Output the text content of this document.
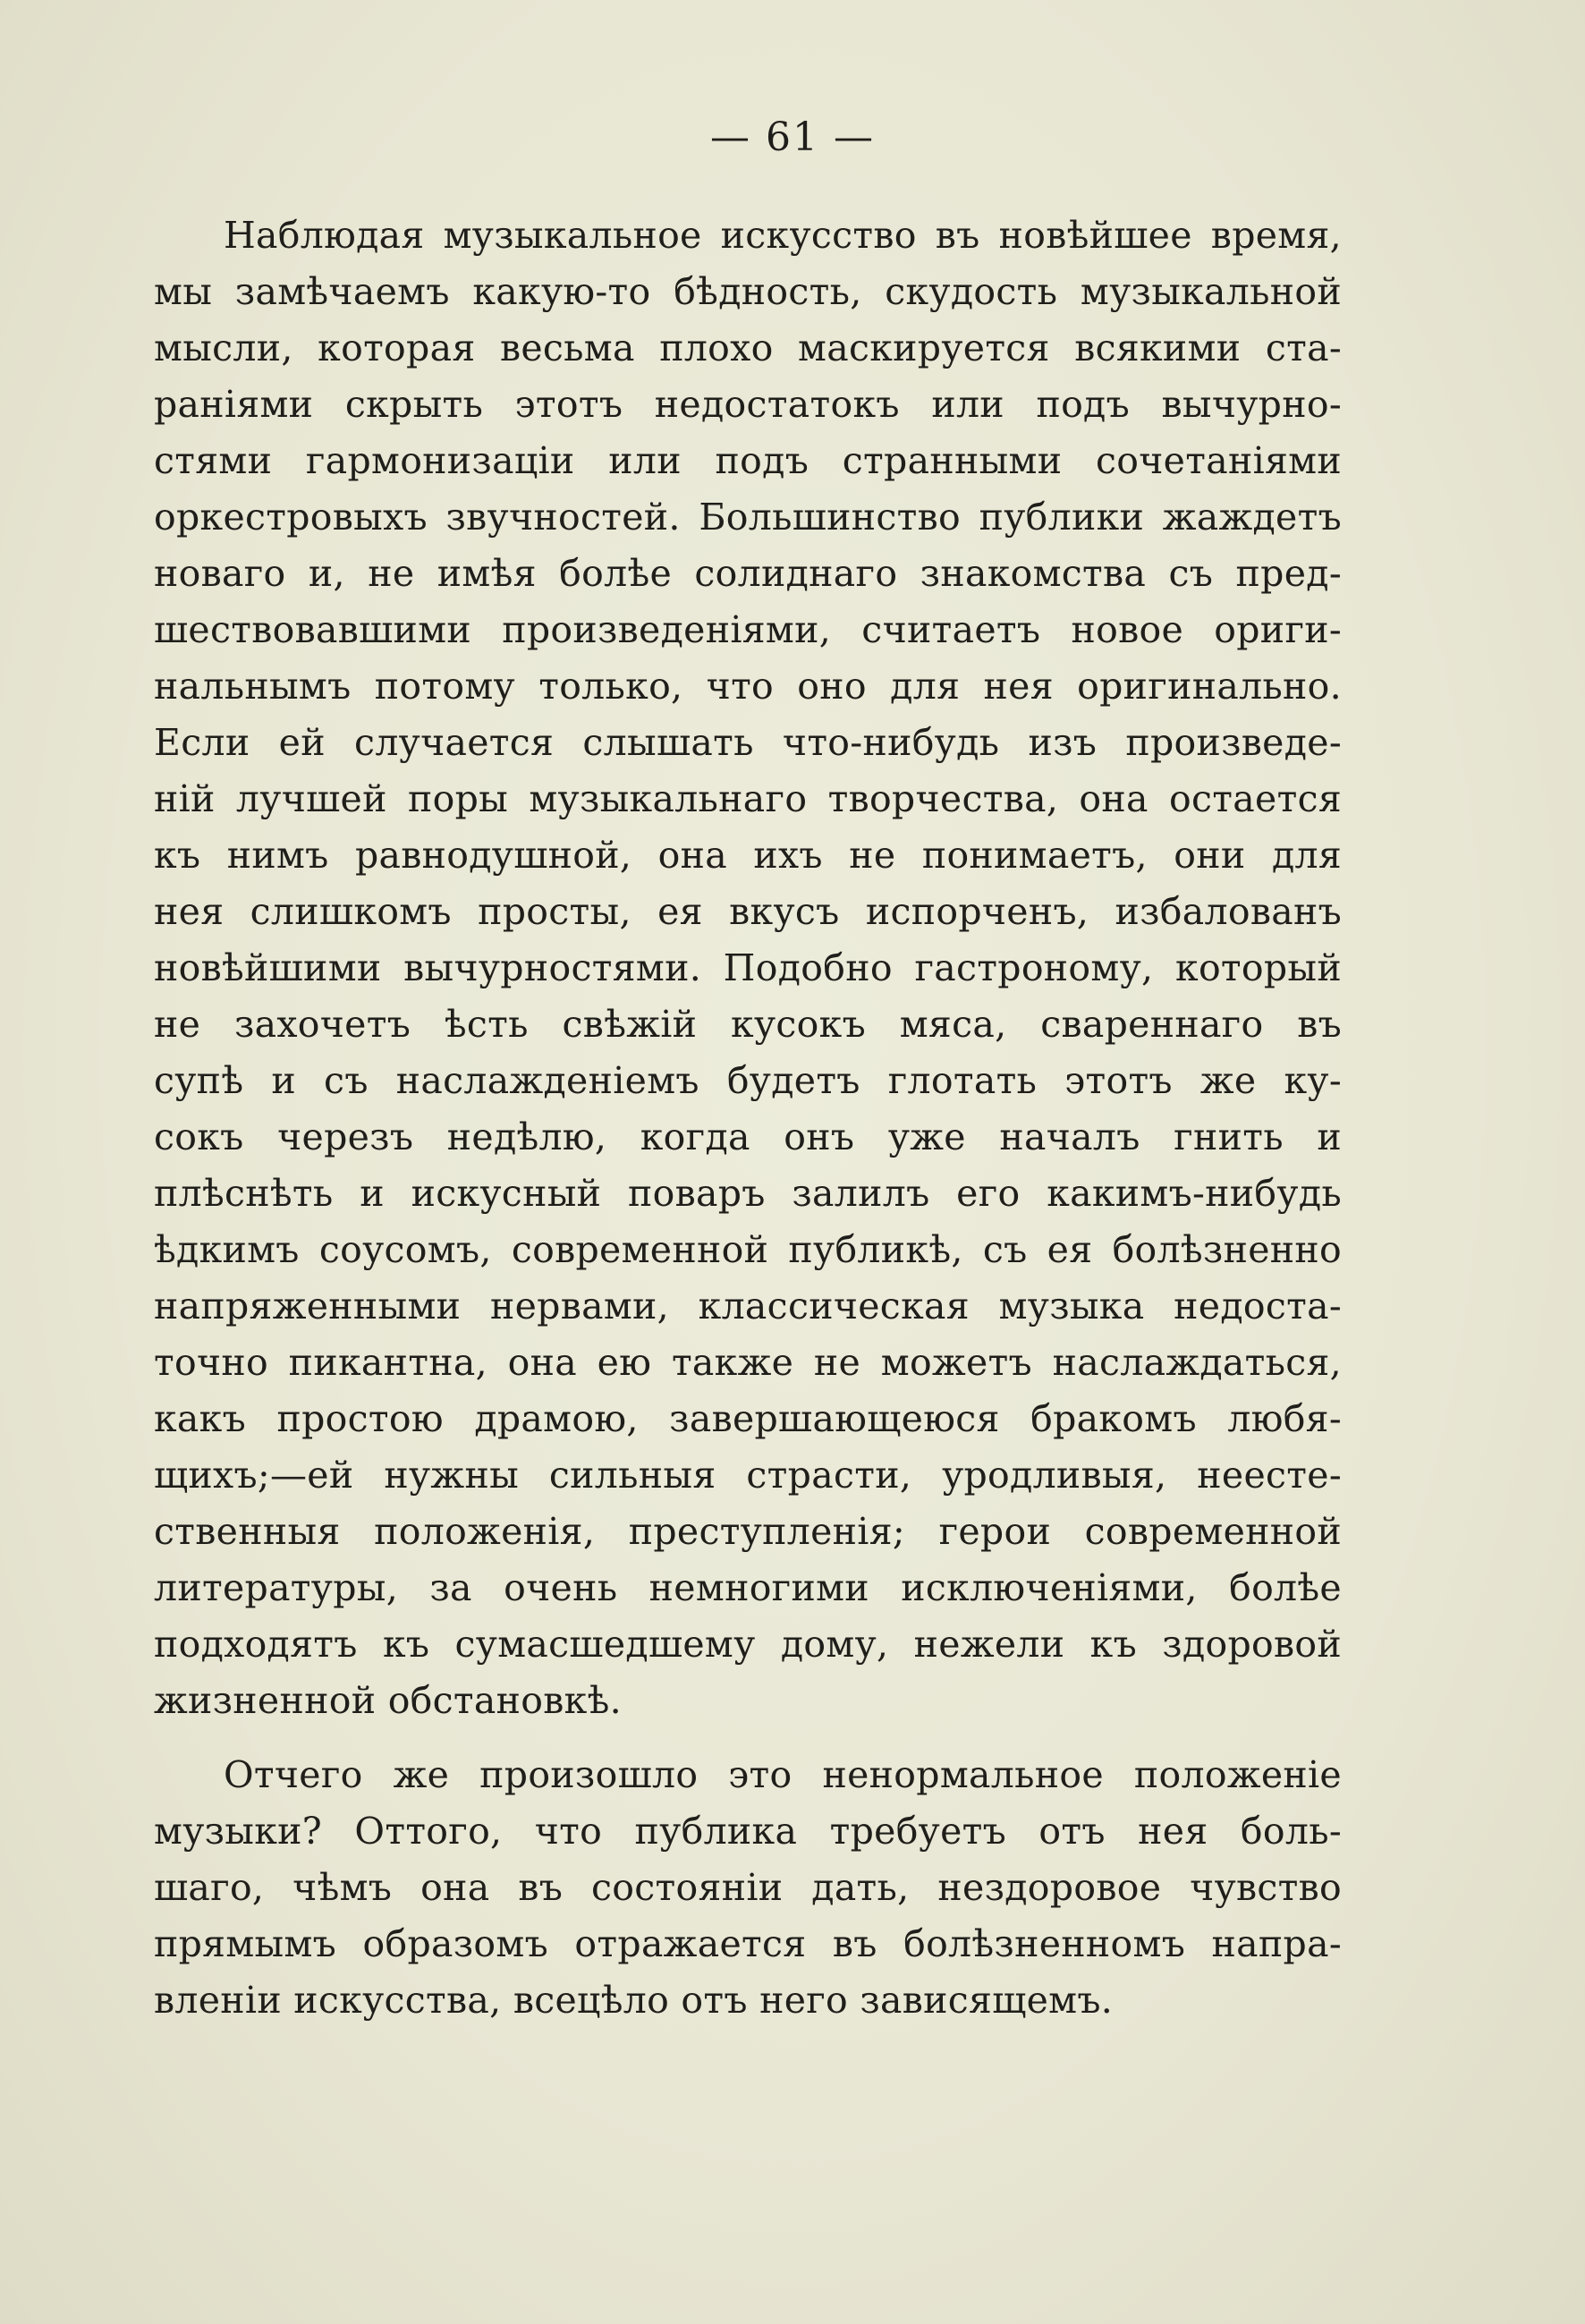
— 61 —
Наблюдая музыкальное искусство въ новѣйшее время,
мы замѣчаемъ какую-то бѣдность, скудость музыкальной
мысли, которая весьма плохо маскируется всякими ста-
раніями скрыть этотъ недостатокъ или подъ вычурно-
стями гармонизаціи или подъ странными сочетаніями
оркестровыхъ звучностей. Большинство публики жаждетъ
новаго и, не имѣя болѣе солиднаго знакомства съ пред-
шествовавшими произведеніями, считаетъ новое ориги-
нальнымъ потому только, что оно для нея оригинально.
Если ей случается слышать что-нибудь изъ произведе-
ній лучшей поры музыкальнаго творчества, она остается
къ нимъ равнодушной, она ихъ не понимаетъ, они для
нея слишкомъ просты, ея вкусъ испорченъ, избалованъ
новѣйшими вычурностями. Подобно гастроному, который
не захочетъ ѣсть свѣжій кусокъ мяса, свареннаго въ
супѣ и съ наслажденіемъ будетъ глотать этотъ же ку-
сокъ черезъ недѣлю, когда онъ уже началъ гнить и
плѣснѣть и искусный поваръ залилъ его какимъ-нибудь
ѣдкимъ соусомъ, современной публикѣ, съ ея болѣзненно
напряженными нервами, классическая музыка недоста-
точно пикантна, она ею также не можетъ наслаждаться,
какъ простою драмою, завершающеюся бракомъ любя-
щихъ;—ей нужны сильныя страсти, уродливыя, неесте-
ственныя положенія, преступленія; герои современной
литературы, за очень немногими исключеніями, болѣе
подходятъ къ сумасшедшему дому, нежели къ здоровой
жизненной обстановкѣ.
Отчего же произошло это ненормальное положеніе
музыки? Оттого, что публика требуетъ отъ нея боль-
шаго, чѣмъ она въ состояніи дать, нездоровое чувство
прямымъ образомъ отражается въ болѣзненномъ напра-
вленіи искусства, всецѣло отъ него зависящемъ.
